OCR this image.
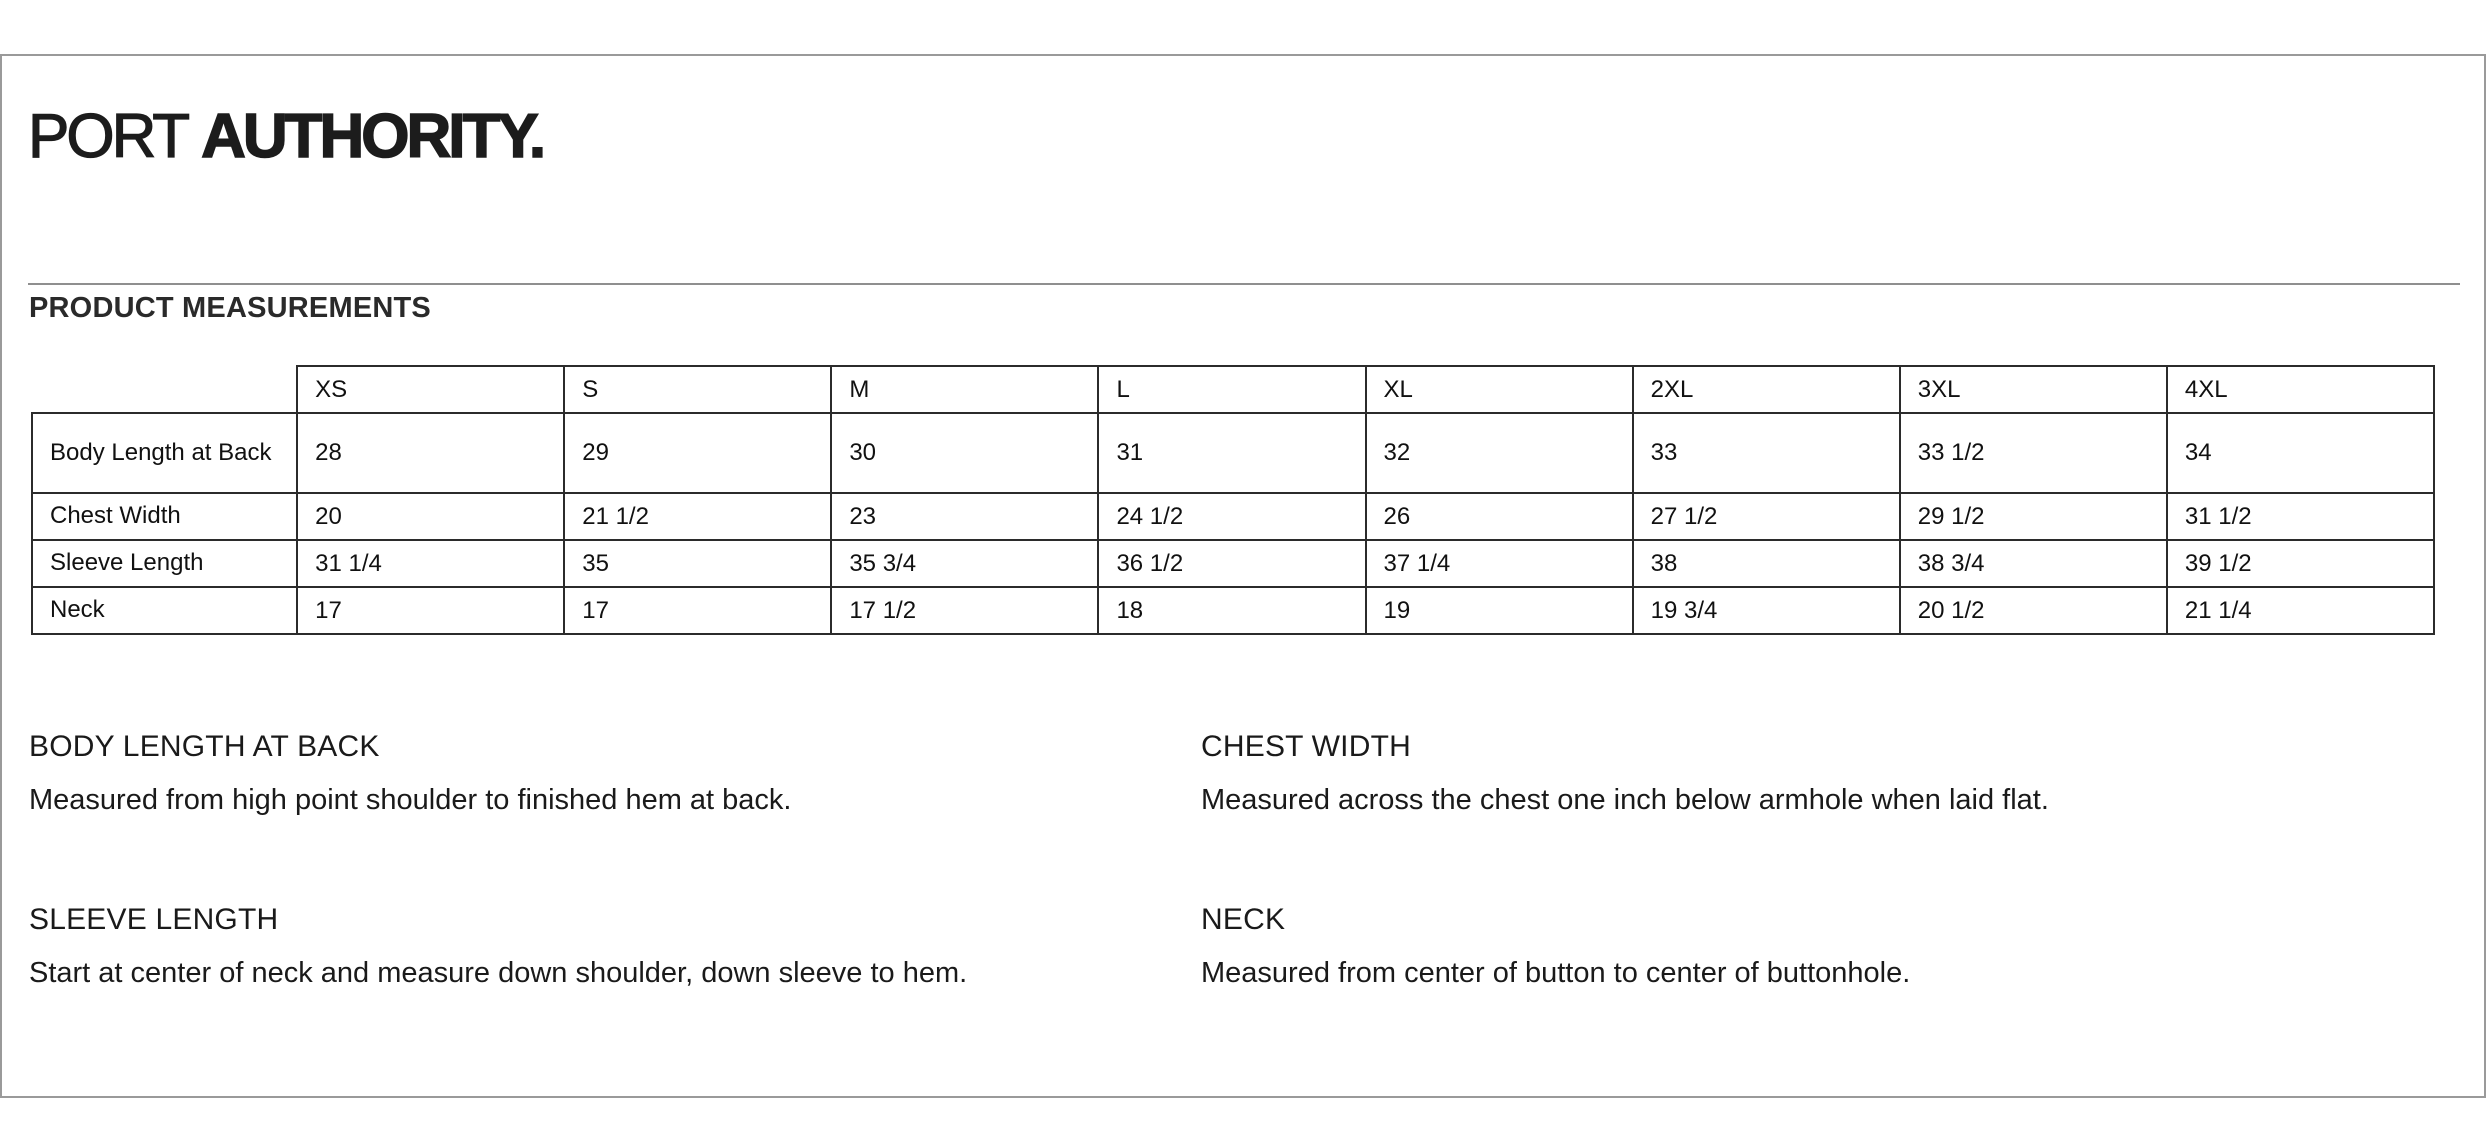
PORT AUTHORITY.
PRODUCT MEASUREMENTS
	XS	S	M	L	XL	2XL	3XL	4XL
Body Length at Back	28	29	30	31	32	33	33 1/2	34
Chest Width	20	21 1/2	23	24 1/2	26	27 1/2	29 1/2	31 1/2
Sleeve Length	31 1/4	35	35 3/4	36 1/2	37 1/4	38	38 3/4	39 1/2
Neck	17	17	17 1/2	18	19	19 3/4	20 1/2	21 1/4
BODY LENGTH AT BACK
Measured from high point shoulder to finished hem at back.
CHEST WIDTH
Measured across the chest one inch below armhole when laid flat.
SLEEVE LENGTH
Start at center of neck and measure down shoulder, down sleeve to hem.
NECK
Measured from center of button to center of buttonhole.
